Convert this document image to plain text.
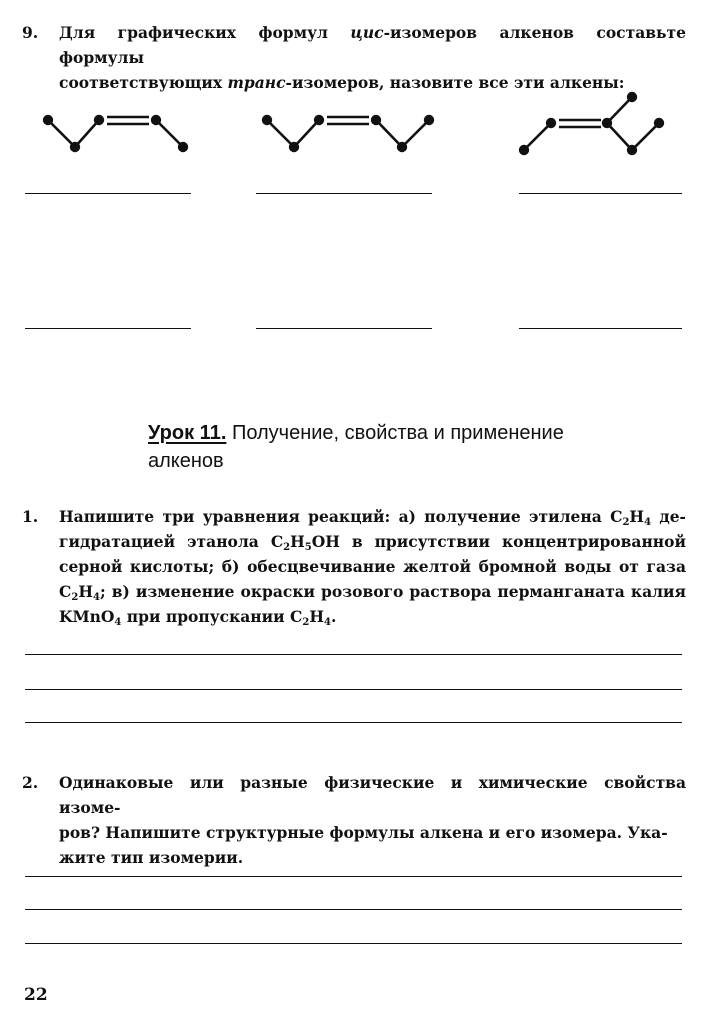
9. Для графических формул цис-изомеров алкенов составьте формулы

соответствующих транс-изомеров, назовите все эти алкены:

Урок 11. Получение, свойства и применение
алкенов
1. Напишите три уравнения реакций: а) получение этилена $C_2H_4$ де- гидратацией этанола $C_2H_5OH$ в присутствии концентрированной серной кислоты; б) обесцвечивание желтой бромной воды от газа $C_2H_4$; в) изменение окраски розового раствора перманганата калия KMnO$_4$ при пропускании $C_2H_4$.

2. Одинаковые или разные физические и химические свойства изоме-

ров? Напишите структурные формулы алкена и его изомера. Ука-

жите тип изомерии.

22
